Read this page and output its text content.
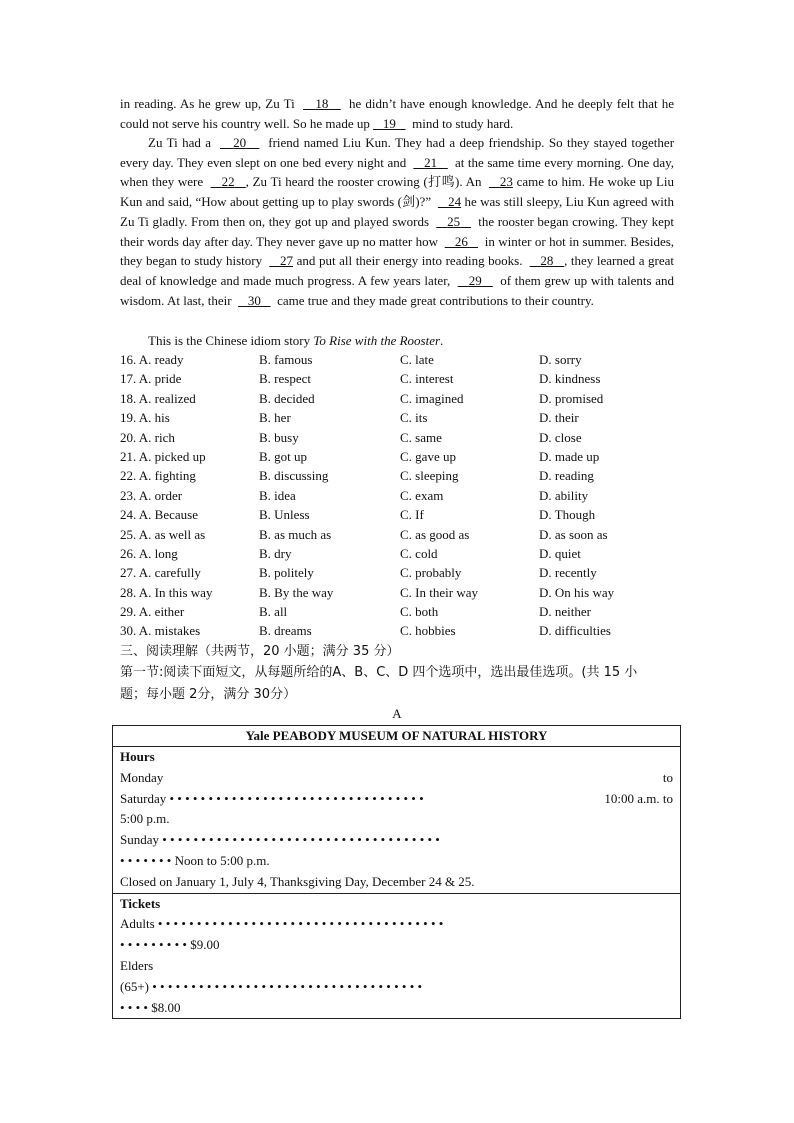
in reading. As he grew up, Zu Ti 18 he didn’t have enough knowledge. And he deeply felt that he could not serve his country well. So he made up 19 mind to study hard.

Zu Ti had a 20 friend named Liu Kun. They had a deep friendship. So they stayed together every day. They even slept on one bed every night and 21 at the same time every morning. One day, when they were 22 , Zu Ti heard the rooster crowing (打鸣). An 23 came to him. He woke up Liu Kun and said, “How about getting up to play swords (剑)?” 24 he was still sleepy, Liu Kun agreed with Zu Ti gladly. From then on, they got up and played swords 25 the rooster began crowing. They kept their words day after day. They never gave up no matter how 26 in winter or hot in summer. Besides, they began to study history 27 and put all their energy into reading books. 28 , they learned a great deal of knowledge and made much progress. A few years later, 29 of them grew up with talents and wisdom. At last, their 30 came true and they made great contributions to their country.

This is the Chinese idiom story To Rise with the Rooster.

16. A. ready	B. famous	C. late	D. sorry
17. A. pride	B. respect	C. interest	D. kindness
18. A. realized	B. decided	C. imagined	D. promised
19. A. his	B. her	C. its	D. their
20. A. rich	B. busy	C. same	D. close
21. A. picked up	B. got up	C. gave up	D. made up
22. A. fighting	B. discussing	C. sleeping	D. reading
23. A. order	B. idea	C. exam	D. ability
24. A. Because	B. Unless	C. If	D. Though
25. A. as well as	B. as much as	C. as good as	D. as soon as
26. A. long	B. dry	C. cold	D. quiet
27. A. carefully	B. politely	C. probably	D. recently
28. A. In this way	B. By the way	C. In their way	D. On his way
29. A. either	B. all	C. both	D. neither
30. A. mistakes	B. dreams	C. hobbies	D. difficulties

三、阅读理解（共两节，20 小题；满分 35 分）

第一节:阅读下面短文，从每题所给的A、B、C、D 四个选项中，选出最佳选项。(共 15 小

题；每小题 2分，满分 30分）

A
Yale PEABODY MUSEUM OF NATURAL HISTORY

Hours
Monday	to
Saturday • • • • • • • • • • • • • • • • • • • • • • • • • • • • • • • • •	10:00 a.m. to
5:00 p.m.
Sunday • • • • • • • • • • • • • • • • • • • • • • • • • • • • • • • • • • • •
• • • • • • • Noon to 5:00 p.m.
Closed on January 1, July 4, Thanksgiving Day, December 24 & 25.

Tickets
Adults • • • • • • • • • • • • • • • • • • • • • • • • • • • • • • • • • • • • •
• • • • • • • • • $9.00
Elders
(65+) • • • • • • • • • • • • • • • • • • • • • • • • • • • • • • • • • • •
• • • • $8.00
